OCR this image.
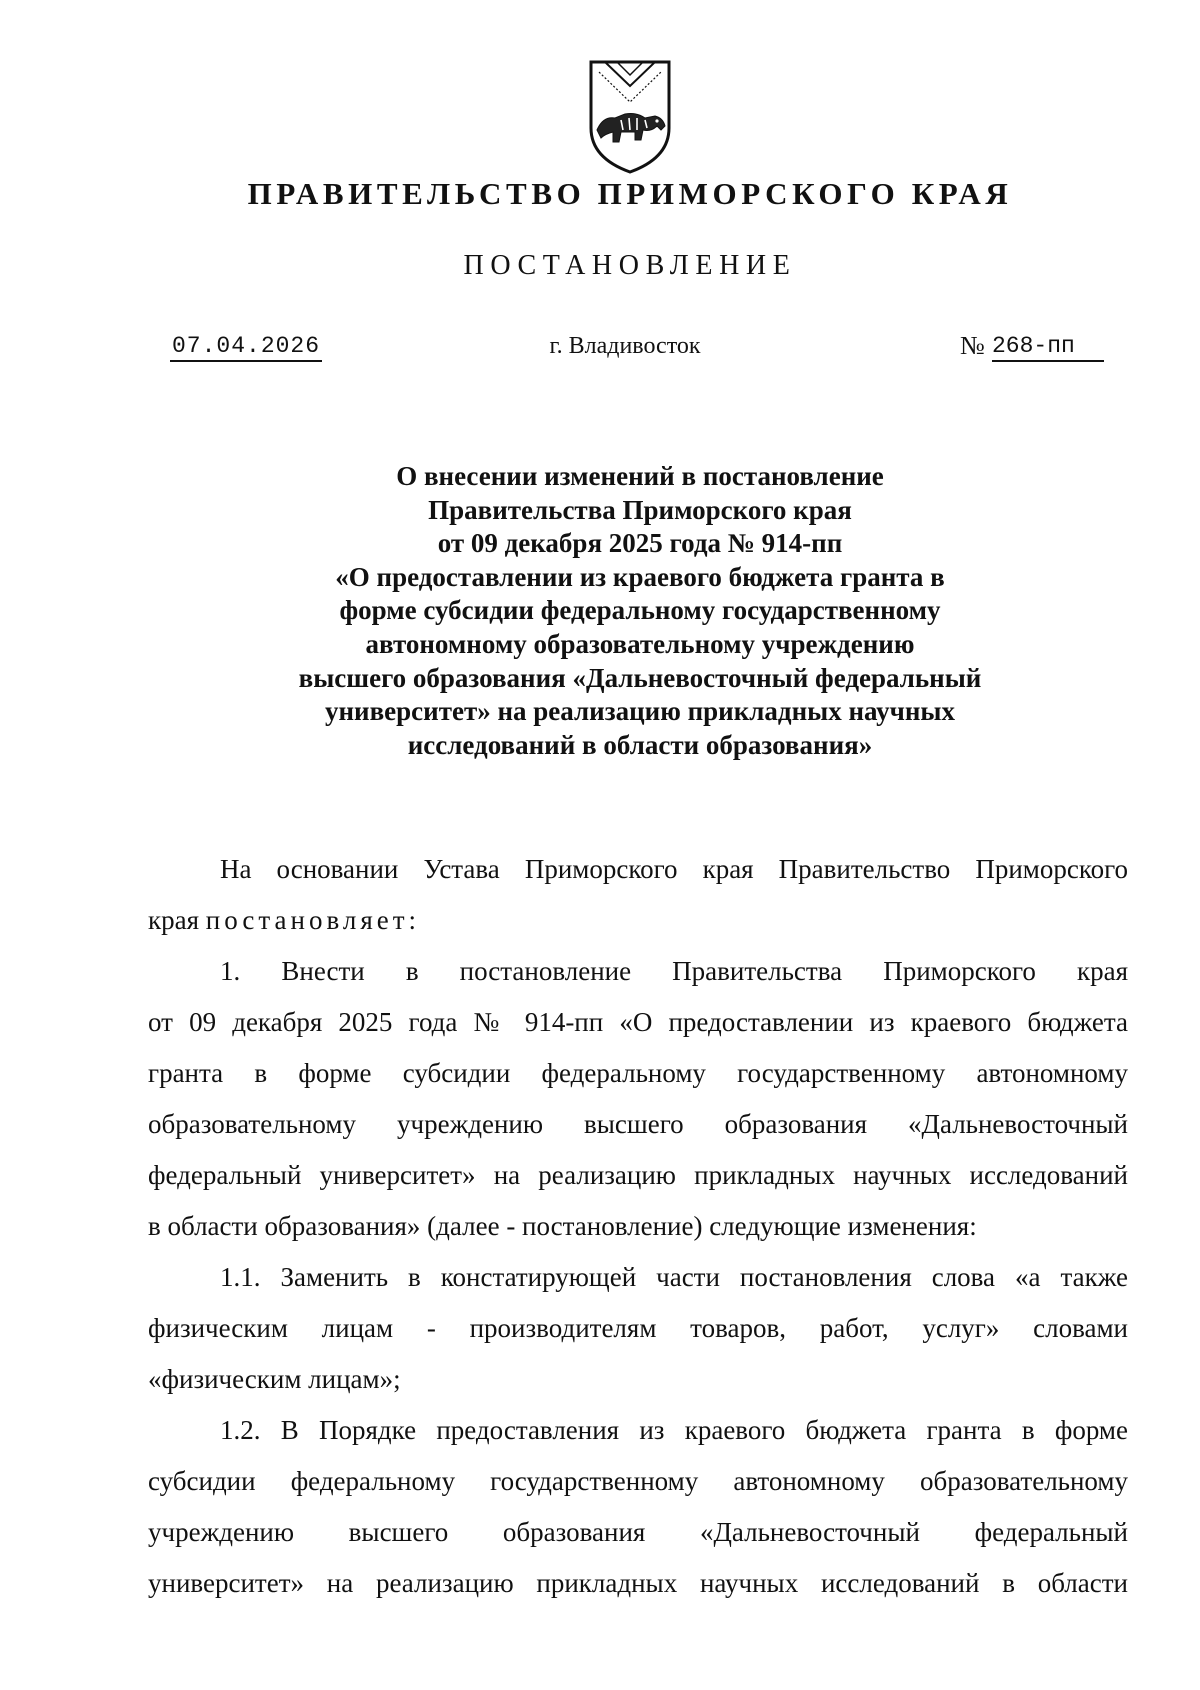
ПРАВИТЕЛЬСТВО ПРИМОРСКОГО КРАЯ
ПОСТАНОВЛЕНИЕ
07.04.2026	г. Владивосток	№ 268-пп
О внесении изменений в постановление
Правительства Приморского края
от 09 декабря 2025 года № 914-пп
«О предоставлении из краевого бюджета гранта в
форме субсидии федеральному государственному
автономному образовательному учреждению
высшего образования «Дальневосточный федеральный
университет» на реализацию прикладных научных
исследований в области образования»

На основании Устава Приморского края Правительство Приморского
края постановляет:

1. Внести в постановление Правительства Приморского края
от 09 декабря 2025 года № 914-пп «О предоставлении из краевого бюджета
гранта в форме субсидии федеральному государственному автономному
образовательному учреждению высшего образования «Дальневосточный
федеральный университет» на реализацию прикладных научных исследований
в области образования» (далее - постановление) следующие изменения:

1.1. Заменить в констатирующей части постановления слова «а также
физическим лицам - производителям товаров, работ, услуг» словами
«физическим лицам»;

1.2. В Порядке предоставления из краевого бюджета гранта в форме
субсидии федеральному государственному автономному образовательному
учреждению высшего образования «Дальневосточный федеральный
университет» на реализацию прикладных научных исследований в области
